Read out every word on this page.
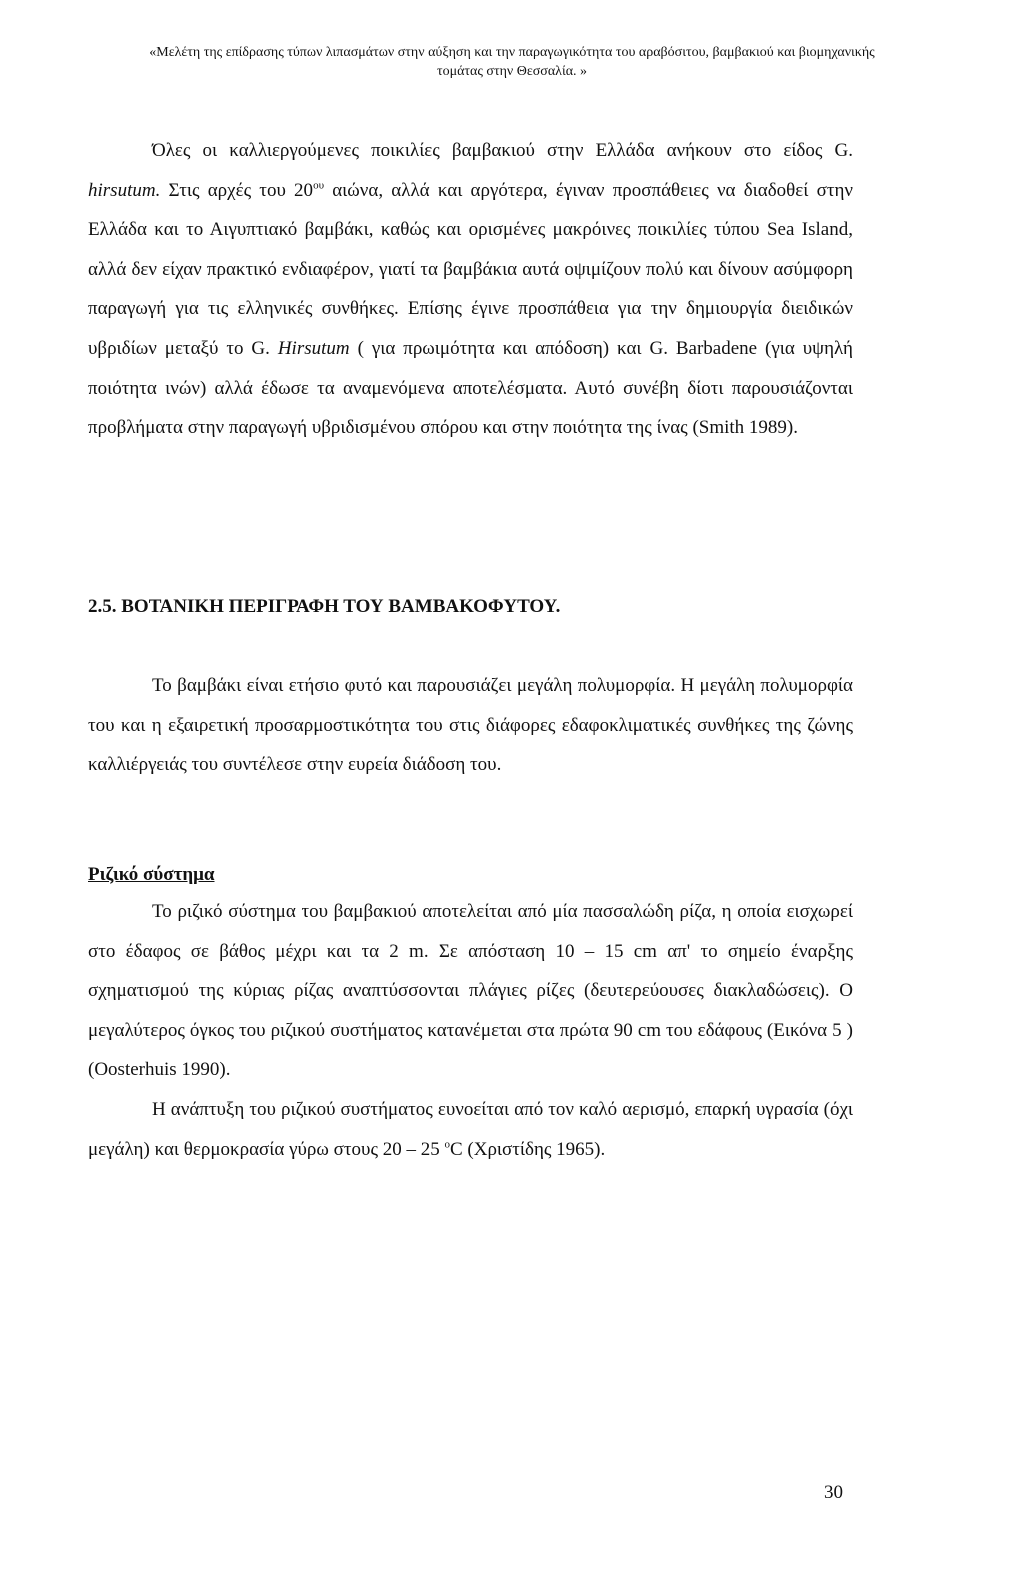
«Μελέτη της επίδρασης τύπων λιπασμάτων στην αύξηση και την παραγωγικότητα του αραβόσιτου, βαμβακιού και βιομηχανικής
τομάτας στην Θεσσαλία. »

Όλες οι καλλιεργούμενες ποικιλίες βαμβακιού στην Ελλάδα ανήκουν στο είδος G. hirsutum. Στις αρχές του $20^{o\upsilon}$ αιώνα, αλλά και αργότερα, έγιναν προσπάθειες να διαδοθεί στην Ελλάδα και το Αιγυπτιακό βαμβάκι, καθώς και ορισμένες μακρόινες ποικιλίες τύπου Sea Island, αλλά δεν είχαν πρακτικό ενδιαφέρον, γιατί τα βαμβάκια αυτά οψιμίζουν πολύ και δίνουν ασύμφορη παραγωγή για τις ελληνικές συνθήκες. Επίσης έγινε προσπάθεια για την δημιουργία διειδικών υβριδίων μεταξύ το G. Hirsutum ( για πρωιμότητα και απόδοση) και G. Barbadene (για υψηλή ποιότητα ινών) αλλά έδωσε τα αναμενόμενα αποτελέσματα. Αυτό συνέβη δίοτι παρουσιάζονται προβλήματα στην παραγωγή υβριδισμένου σπόρου και στην ποιότητα της ίνας (Smith 1989).

2.5. ΒΟΤΑΝΙΚΗ ΠΕΡΙΓΡΑΦΗ ΤΟΥ ΒΑΜΒΑΚΟΦΥΤΟΥ.

Το βαμβάκι είναι ετήσιο φυτό και παρουσιάζει μεγάλη πολυμορφία. Η μεγάλη πολυμορφία του και η εξαιρετική προσαρμοστικότητα του στις διάφορες εδαφοκλιματικές συνθήκες της ζώνης καλλιέργειάς του συντέλεσε στην ευρεία διάδοση του.

Ριζικό σύστημα

Το ριζικό σύστημα του βαμβακιού αποτελείται από μία πασσαλώδη ρίζα, η οποία εισχωρεί στο έδαφος σε βάθος μέχρι και τα 2 m. Σε απόσταση 10 – 15 cm απ' το σημείο έναρξης σχηματισμού της κύριας ρίζας αναπτύσσονται πλάγιες ρίζες (δευτερεύουσες διακλαδώσεις). Ο μεγαλύτερος όγκος του ριζικού συστήματος κατανέμεται στα πρώτα 90 cm του εδάφους (Εικόνα 5 ) (Oosterhuis 1990).

Η ανάπτυξη του ριζικού συστήματος ευνοείται από τον καλό αερισμό, επαρκή υγρασία (όχι μεγάλη) και θερμοκρασία γύρω στους 20 – 25 $^o$C (Χριστίδης 1965).

30
